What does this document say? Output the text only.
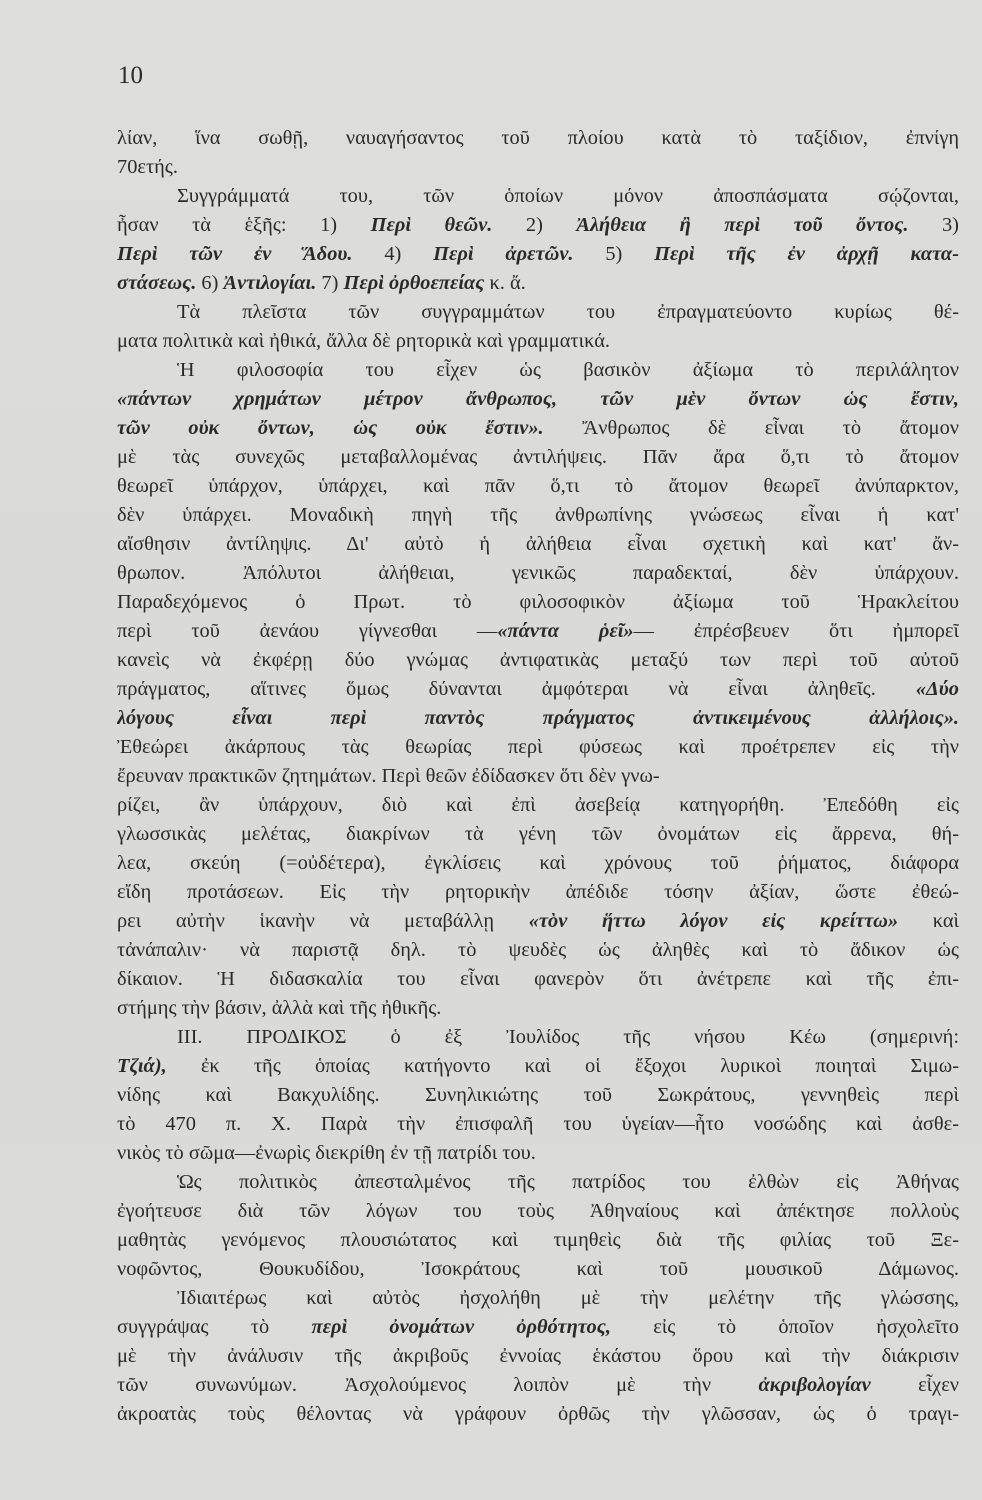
10
λίαν, ἵνα σωθῇ, ναυαγήσαντος τοῦ πλοίου κατὰ τὸ ταξίδιον, ἐπνίγη
70ετής.
Συγγράμματά του, τῶν ὁποίων μόνον ἀποσπάσματα σῴζονται,
ἦσαν τὰ ἑξῆς: 1) Περὶ θεῶν. 2) Ἀλήθεια ἢ περὶ τοῦ ὄντος. 3)
Περὶ τῶν ἐν Ἅδου. 4) Περὶ ἀρετῶν. 5) Περὶ τῆς ἐν ἀρχῇ κατα-
στάσεως. 6) Ἀντιλογίαι. 7) Περὶ ὀρθοεπείας κ. ἄ.
Τὰ πλεῖστα τῶν συγγραμμάτων του ἐπραγματεύοντο κυρίως θέ-
ματα πολιτικὰ καὶ ἠθικά, ἄλλα δὲ ρητορικὰ καὶ γραμματικά.
Ἡ φιλοσοφία του εἶχεν ὡς βασικὸν ἀξίωμα τὸ περιλάλητον
«πάντων χρημάτων μέτρον ἄνθρωπος, τῶν μὲν ὄντων ὡς ἔστιν,
τῶν οὐκ ὄντων, ὡς οὐκ ἔστιν». Ἄνθρωπος δὲ εἶναι τὸ ἄτομον
μὲ τὰς συνεχῶς μεταβαλλομένας ἀντιλήψεις. Πᾶν ἄρα ὅ,τι τὸ ἄτομον
θεωρεῖ ὑπάρχον, ὑπάρχει, καὶ πᾶν ὅ,τι τὸ ἄτομον θεωρεῖ ἀνύπαρκτον,
δὲν ὑπάρχει. Μοναδικὴ πηγὴ τῆς ἀνθρωπίνης γνώσεως εἶναι ἡ κατ'
αἴσθησιν ἀντίληψις. Δι' αὐτὸ ἡ ἀλήθεια εἶναι σχετικὴ καὶ κατ' ἄν-
θρωπον. Ἀπόλυτοι ἀλήθειαι, γενικῶς παραδεκταί, δὲν ὑπάρχουν.
Παραδεχόμενος ὁ Πρωτ. τὸ φιλοσοφικὸν ἀξίωμα τοῦ Ἡρακλείτου
περὶ τοῦ ἀενάου γίγνεσθαι —«πάντα ῥεῖ»— ἐπρέσβευεν ὅτι ἠμπορεῖ
κανεὶς νὰ ἐκφέρῃ δύο γνώμας ἀντιφατικὰς μεταξύ των περὶ τοῦ αὐτοῦ
πράγματος, αἵτινες ὅμως δύνανται ἀμφότεραι νὰ εἶναι ἀληθεῖς. «Δύο
λόγους εἶναι περὶ παντὸς πράγματος ἀντικειμένους ἀλλήλοις».
Ἐθεώρει ἀκάρπους τὰς θεωρίας περὶ φύσεως καὶ προέτρεπεν εἰς τὴν
ἔρευναν πρακτικῶν ζητημάτων. Περὶ θεῶν ἐδίδασκεν ὅτι δὲν γνω-
ρίζει, ἂν ὑπάρχουν, διὸ καὶ ἐπὶ ἀσεβείᾳ κατηγορήθη. Ἐπεδόθη εἰς
γλωσσικὰς μελέτας, διακρίνων τὰ γένη τῶν ὀνομάτων εἰς ἄρρενα, θή-
λεα, σκεύη (=οὐδέτερα), ἐγκλίσεις καὶ χρόνους τοῦ ῥήματος, διάφορα
εἴδη προτάσεων. Εἰς τὴν ρητορικὴν ἀπέδιδε τόσην ἀξίαν, ὥστε ἐθεώ-
ρει αὐτὴν ἱκανὴν νὰ μεταβάλλῃ «τὸν ἥττω λόγον εἰς κρείττω» καὶ
τἀνάπαλιν· νὰ παριστᾷ δηλ. τὸ ψευδὲς ὡς ἀληθὲς καὶ τὸ ἄδικον ὡς
δίκαιον. Ἡ διδασκαλία του εἶναι φανερὸν ὅτι ἀνέτρεπε καὶ τῆς ἐπι-
στήμης τὴν βάσιν, ἀλλὰ καὶ τῆς ἠθικῆς.
ΙΙΙ. ΠΡΟΔΙΚΟΣ ὁ ἐξ Ἰουλίδος τῆς νήσου Κέω (σημερινή:
Τζιά), ἐκ τῆς ὁποίας κατήγοντο καὶ οἱ ἔξοχοι λυρικοὶ ποιηταὶ Σιμω-
νίδης καὶ Βακχυλίδης. Συνηλικιώτης τοῦ Σωκράτους, γεννηθεὶς περὶ
τὸ 470 π. Χ. Παρὰ τὴν ἐπισφαλῆ του ὑγείαν—ἦτο νοσώδης καὶ ἀσθε-
νικὸς τὸ σῶμα—ἐνωρὶς διεκρίθη ἐν τῇ πατρίδι του.
Ὡς πολιτικὸς ἀπεσταλμένος τῆς πατρίδος του ἐλθὼν εἰς Ἀθήνας
ἐγοήτευσε διὰ τῶν λόγων του τοὺς Ἀθηναίους καὶ ἀπέκτησε πολλοὺς
μαθητὰς γενόμενος πλουσιώτατος καὶ τιμηθεὶς διὰ τῆς φιλίας τοῦ Ξε-
νοφῶντος, Θουκυδίδου, Ἰσοκράτους καὶ τοῦ μουσικοῦ Δάμωνος.
Ἰδιαιτέρως καὶ αὐτὸς ἠσχολήθη μὲ τὴν μελέτην τῆς γλώσσης,
συγγράψας τὸ περὶ ὀνομάτων ὀρθότητος, εἰς τὸ ὁποῖον ἠσχολεῖτο
μὲ τὴν ἀνάλυσιν τῆς ἀκριβοῦς ἐννοίας ἑκάστου ὅρου καὶ τὴν διάκρισιν
τῶν συνωνύμων. Ἀσχολούμενος λοιπὸν μὲ τὴν ἀκριβολογίαν εἶχεν
ἀκροατὰς τοὺς θέλοντας νὰ γράφουν ὀρθῶς τὴν γλῶσσαν, ὡς ὁ τραγι-
